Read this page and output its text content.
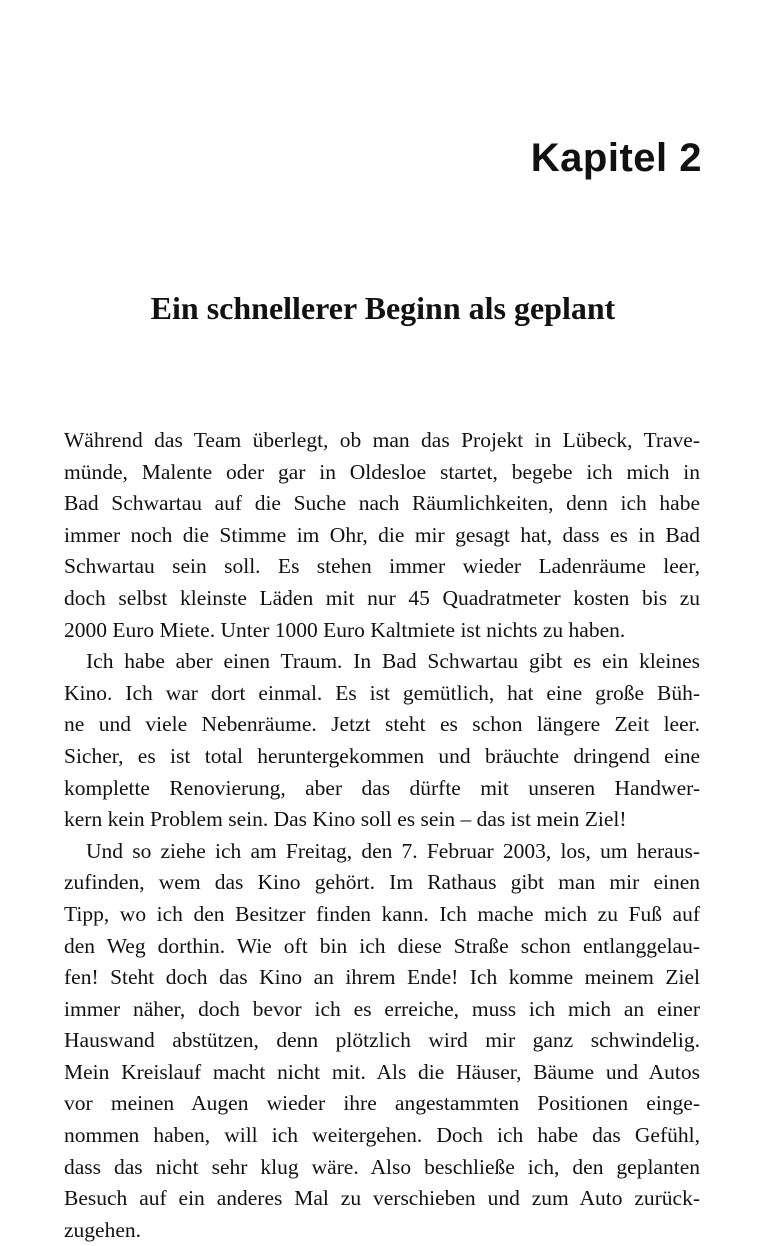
Kapitel 2
Ein schnellerer Beginn als geplant

Während das Team überlegt, ob man das Projekt in Lübeck, Trave-
münde, Malente oder gar in Oldesloe startet, begebe ich mich in
Bad Schwartau auf die Suche nach Räumlichkeiten, denn ich habe
immer noch die Stimme im Ohr, die mir gesagt hat, dass es in Bad
Schwartau sein soll. Es stehen immer wieder Ladenräume leer,
doch selbst kleinste Läden mit nur 45 Quadratmeter kosten bis zu
2000 Euro Miete. Unter 1000 Euro Kaltmiete ist nichts zu haben.

Ich habe aber einen Traum. In Bad Schwartau gibt es ein kleines
Kino. Ich war dort einmal. Es ist gemütlich, hat eine große Büh-
ne und viele Nebenräume. Jetzt steht es schon längere Zeit leer.
Sicher, es ist total heruntergekommen und bräuchte dringend eine
komplette Renovierung, aber das dürfte mit unseren Handwer-
kern kein Problem sein. Das Kino soll es sein – das ist mein Ziel!

Und so ziehe ich am Freitag, den 7. Februar 2003, los, um heraus-
zufinden, wem das Kino gehört. Im Rathaus gibt man mir einen
Tipp, wo ich den Besitzer finden kann. Ich mache mich zu Fuß auf
den Weg dorthin. Wie oft bin ich diese Straße schon entlanggelau-
fen! Steht doch das Kino an ihrem Ende! Ich komme meinem Ziel
immer näher, doch bevor ich es erreiche, muss ich mich an einer
Hauswand abstützen, denn plötzlich wird mir ganz schwindelig.
Mein Kreislauf macht nicht mit. Als die Häuser, Bäume und Autos
vor meinen Augen wieder ihre angestammten Positionen einge-
nommen haben, will ich weitergehen. Doch ich habe das Gefühl,
dass das nicht sehr klug wäre. Also beschließe ich, den geplanten
Besuch auf ein anderes Mal zu verschieben und zum Auto zurück-
zugehen.
